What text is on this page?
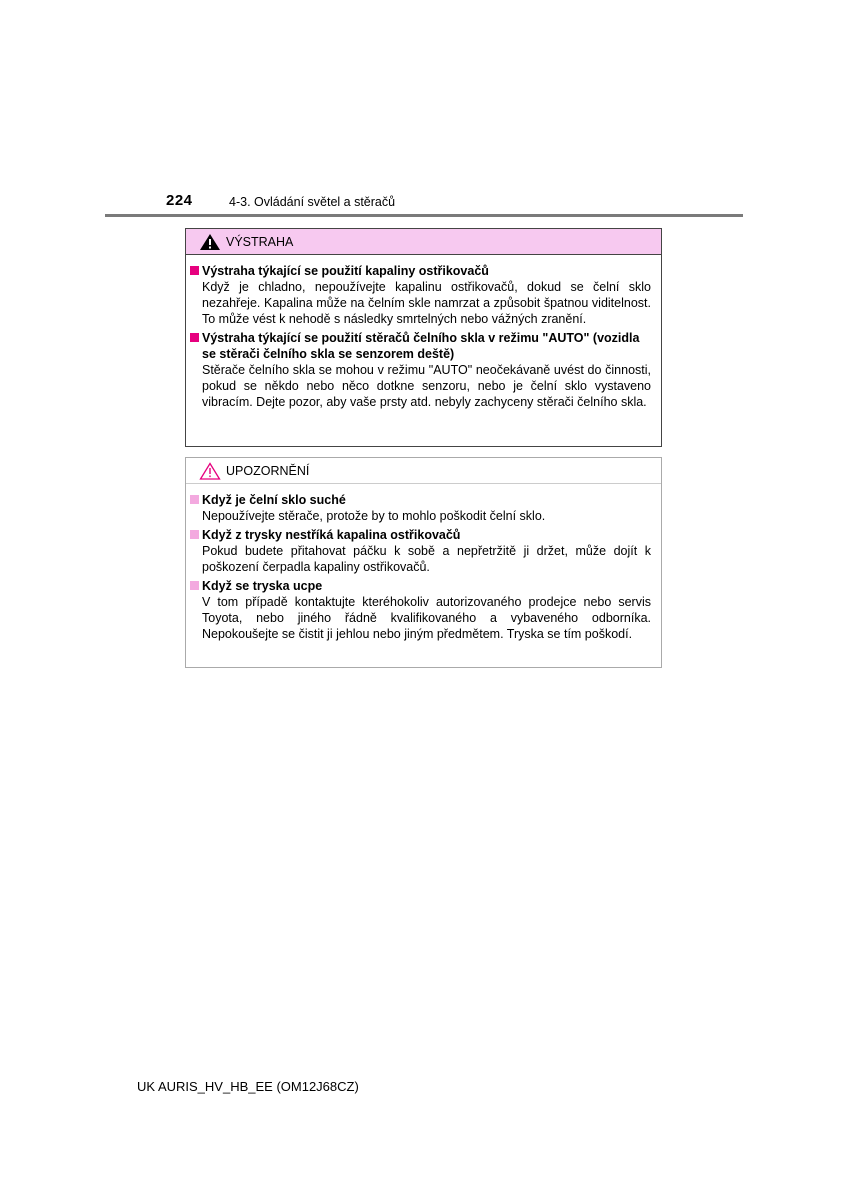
224	4-3. Ovládání světel a stěračů
VÝSTRAHA
Výstraha týkající se použití kapaliny ostřikovačů
Když je chladno, nepoužívejte kapalinu ostřikovačů, dokud se čelní sklo nezahřeje. Kapalina může na čelním skle namrzat a způsobit špatnou viditelnost. To může vést k nehodě s následky smrtelných nebo vážných zranění.
Výstraha týkající se použití stěračů čelního skla v režimu "AUTO" (vozidla se stěrači čelního skla se senzorem deště)
Stěrače čelního skla se mohou v režimu "AUTO" neočekávaně uvést do činnosti, pokud se někdo nebo něco dotkne senzoru, nebo je čelní sklo vystaveno vibracím. Dejte pozor, aby vaše prsty atd. nebyly zachyceny stěrači čelního skla.
UPOZORNĚNÍ
Když je čelní sklo suché
Nepoužívejte stěrače, protože by to mohlo poškodit čelní sklo.
Když z trysky nestříká kapalina ostřikovačů
Pokud budete přitahovat páčku k sobě a nepřetržitě ji držet, může dojít k poškození čerpadla kapaliny ostřikovačů.
Když se tryska ucpe
V tom případě kontaktujte kteréhokoliv autorizovaného prodejce nebo servis Toyota, nebo jiného řádně kvalifikovaného a vybaveného odborníka. Nepokoušejte se čistit ji jehlou nebo jiným předmětem. Tryska se tím poškodí.
UK AURIS_HV_HB_EE (OM12J68CZ)
